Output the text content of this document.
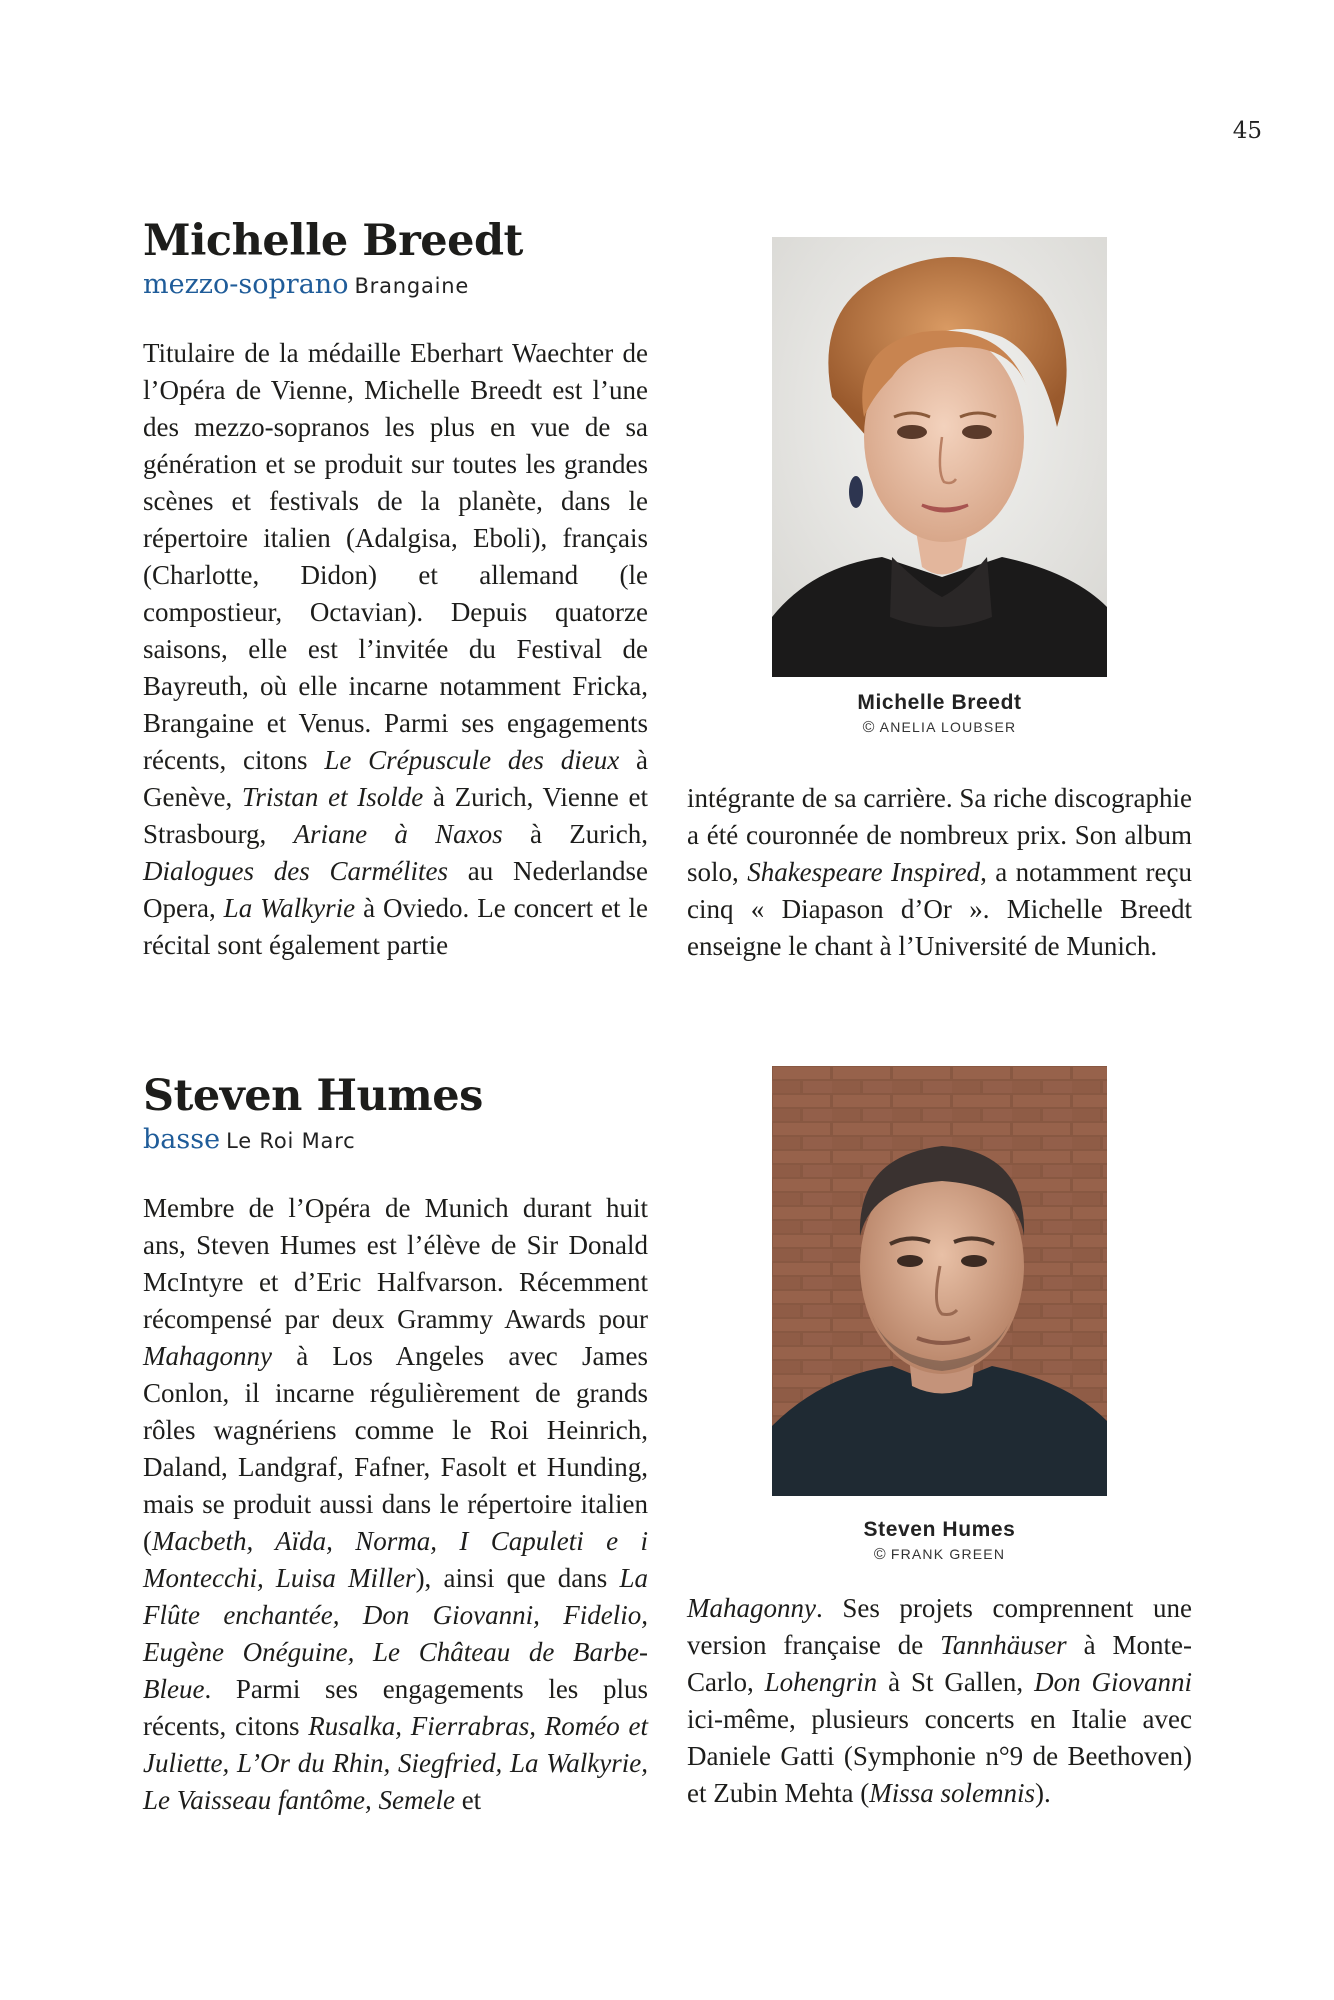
45
Michelle Breedt
mezzo-soprano Brangaine

Titulaire de la médaille Eberhart Waechter de l’Opéra de Vienne, Michelle Breedt est l’une des mezzo-sopranos les plus en vue de sa génération et se produit sur toutes les grandes scènes et festivals de la planète, dans le répertoire italien (Adalgisa, Eboli), français (Charlotte, Didon) et allemand (le compostieur, Octavian). Depuis quatorze saisons, elle est l’invitée du Festival de Bayreuth, où elle incarne notamment Fricka, Brangaine et Venus. Parmi ses engagements récents, citons Le Crépuscule des dieux à Genève, Tristan et Isolde à Zurich, Vienne et Strasbourg, Ariane à Naxos à Zurich, Dialogues des Carmélites au Nederlandse Opera, La Walkyrie à Oviedo. Le concert et le récital sont également partie

Michelle Breedt
© ANELIA LOUBSER

intégrante de sa carrière. Sa riche discographie a été couronnée de nombreux prix. Son album solo, Shakespeare Inspired, a notamment reçu cinq « Diapason d’Or ». Michelle Breedt enseigne le chant à l’Université de Munich.

Steven Humes
basse Le Roi Marc

Membre de l’Opéra de Munich durant huit ans, Steven Humes est l’élève de Sir Donald McIntyre et d’Eric Halfvarson. Récemment récompensé par deux Grammy Awards pour Mahagonny à Los Angeles avec James Conlon, il incarne régulièrement de grands rôles wagnériens comme le Roi Heinrich, Daland, Landgraf, Fafner, Fasolt et Hunding, mais se produit aussi dans le répertoire italien (Macbeth, Aïda, Norma, I Capuleti e i Montecchi, Luisa Miller), ainsi que dans La Flûte enchantée, Don Giovanni, Fidelio, Eugène Onéguine, Le Château de Barbe-Bleue. Parmi ses engagements les plus récents, citons Rusalka, Fierrabras, Roméo et Juliette, L’Or du Rhin, Siegfried, La Walkyrie, Le Vaisseau fantôme, Semele et

Steven Humes
© FRANK GREEN

Mahagonny. Ses projets comprennent une version française de Tannhäuser à Monte-Carlo, Lohengrin à St Gallen, Don Giovanni ici-même, plusieurs concerts en Italie avec Daniele Gatti (Symphonie n°9 de Beethoven) et Zubin Mehta (Missa solemnis).
